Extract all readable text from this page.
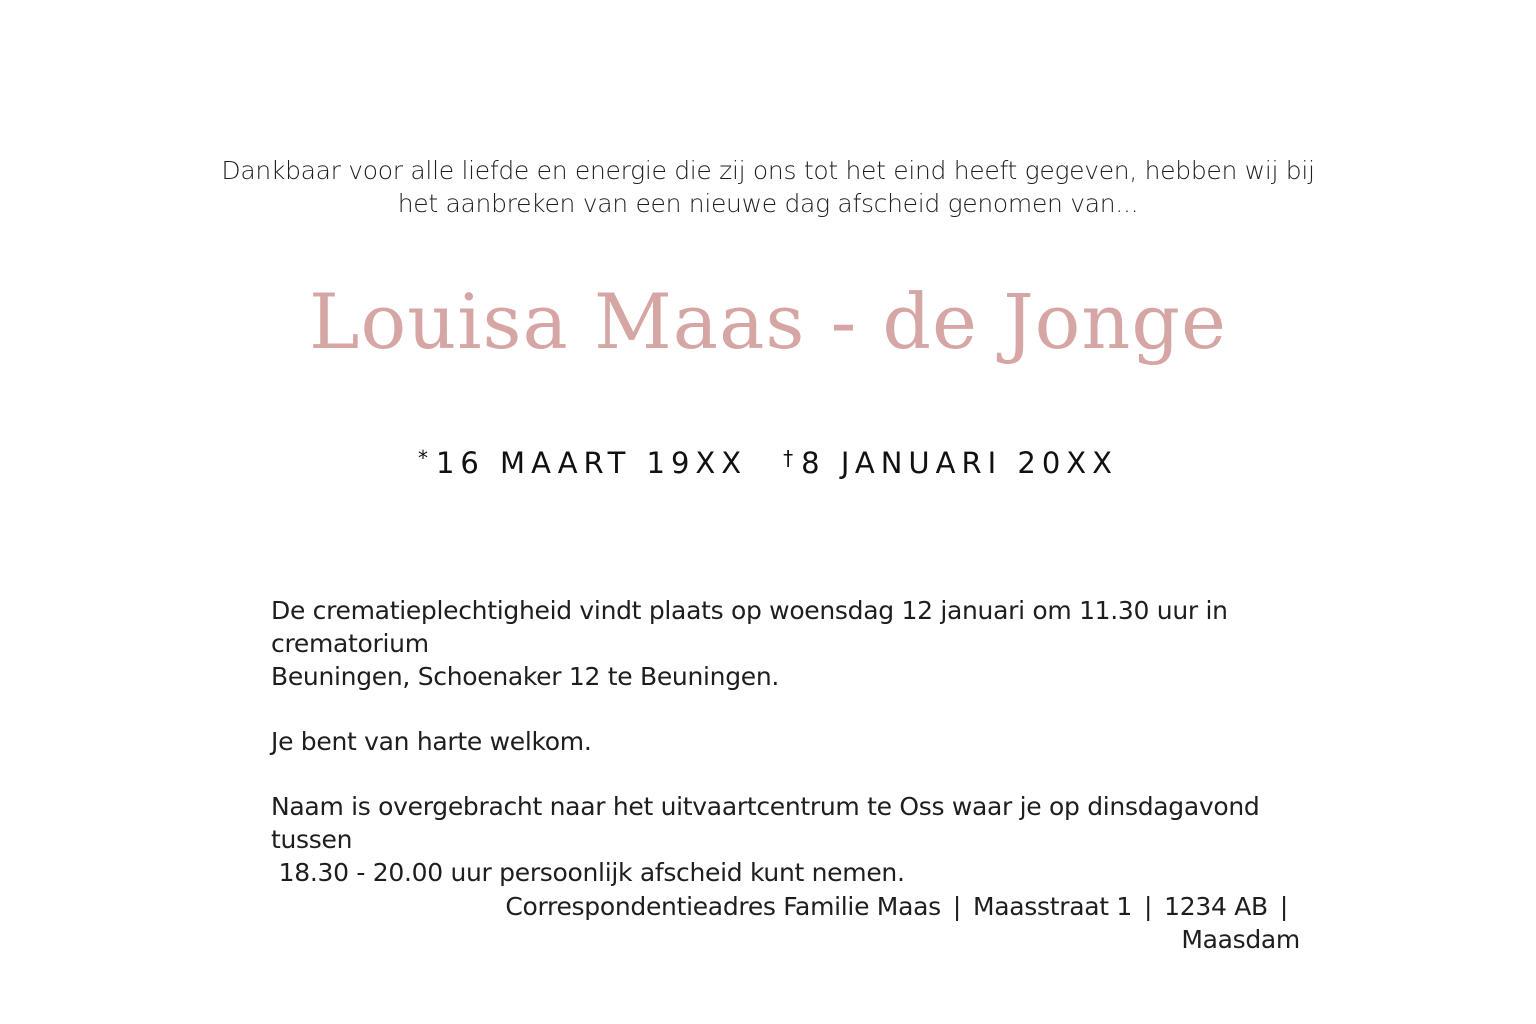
Dankbaar voor alle liefde en energie die zij ons tot het eind heeft gegeven, hebben wij bij
het aanbreken van een nieuwe dag afscheid genomen van...
Louisa Maas - de Jonge
* 16 MAART 19XX † 8 JANUARI 20XX

De crematieplechtigheid vindt plaats op woensdag 12 januari om 11.30 uur in crematorium
Beuningen, Schoenaker 12 te Beuningen.

Je bent van harte welkom.

Naam is overgebracht naar het uitvaartcentrum te Oss waar je op dinsdagavond tussen
18.30 - 20.00 uur persoonlijk afscheid kunt nemen.

Correspondentieadres Familie Maas | Maasstraat 1 | 1234 AB |Maasdam
